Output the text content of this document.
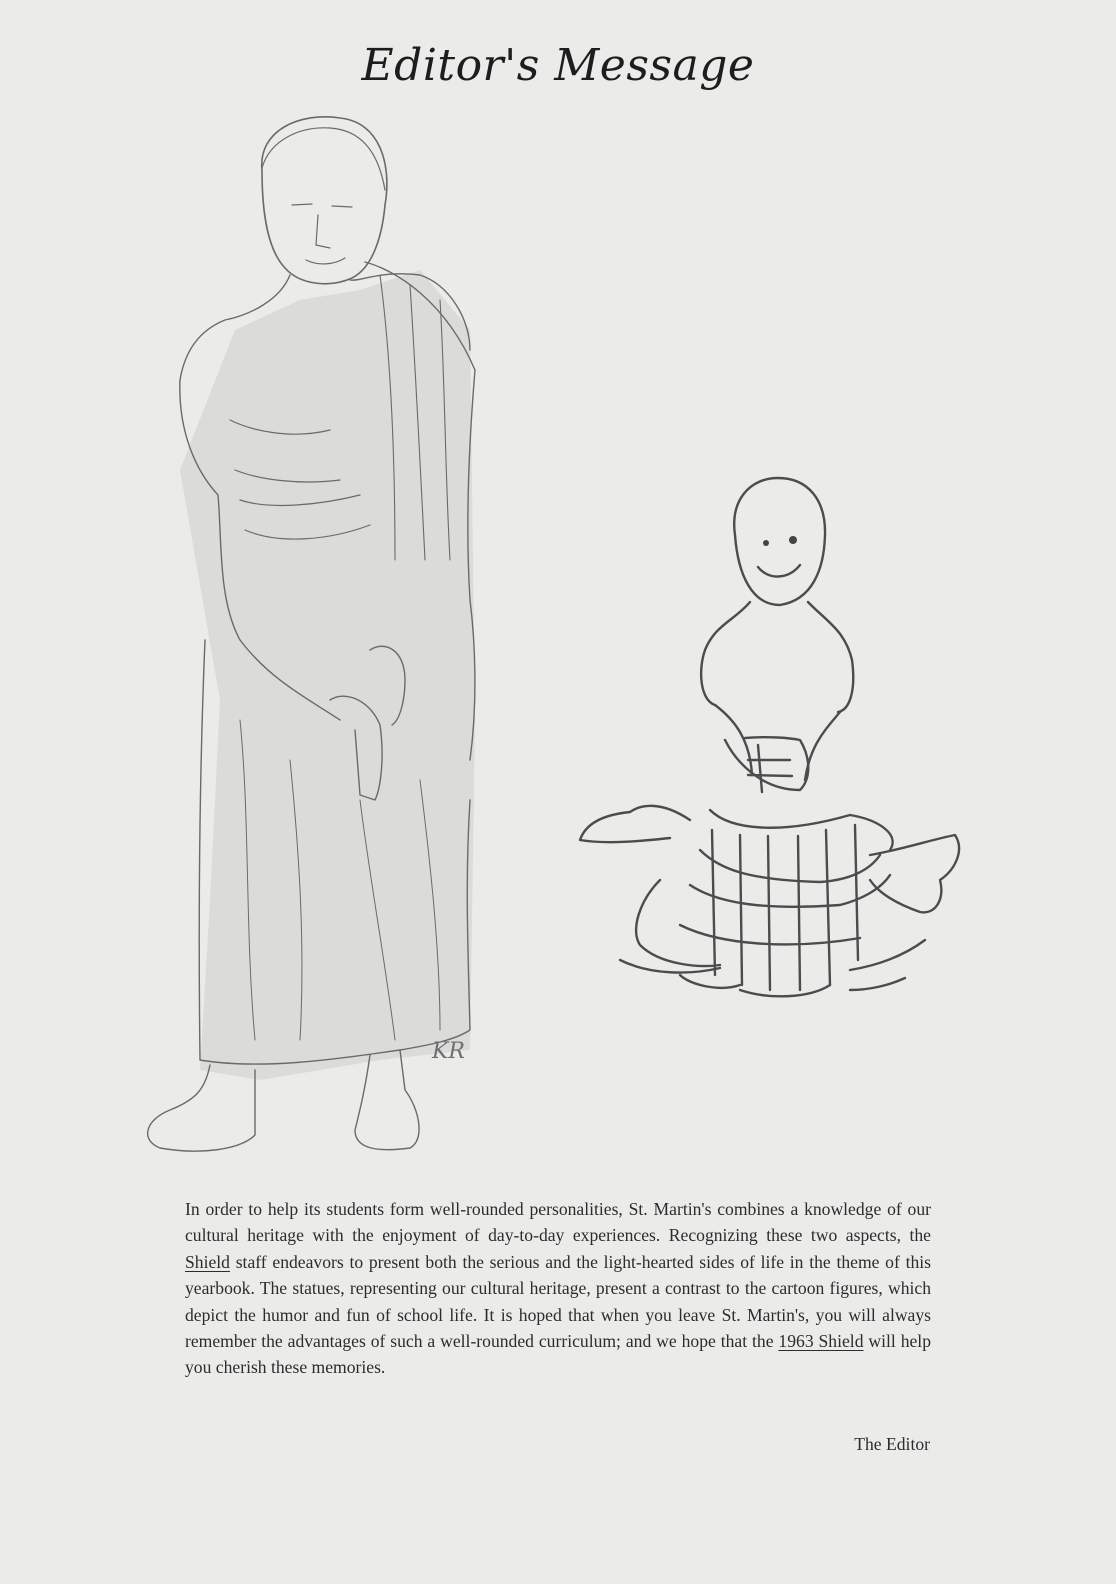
Editor's Message
KR
In order to help its students form well-rounded personalities, St. Martin's combines a knowledge of our cultural heritage with the enjoyment of day-to-day experiences. Recognizing these two aspects, the Shield staff endeavors to present both the serious and the light-hearted sides of life in the theme of this yearbook. The statues, representing our cultural heritage, present a contrast to the cartoon figures, which depict the humor and fun of school life. It is hoped that when you leave St. Martin's, you will always remember the advantages of such a well-rounded curriculum; and we hope that the 1963 Shield will help you cherish these memories.
The Editor
